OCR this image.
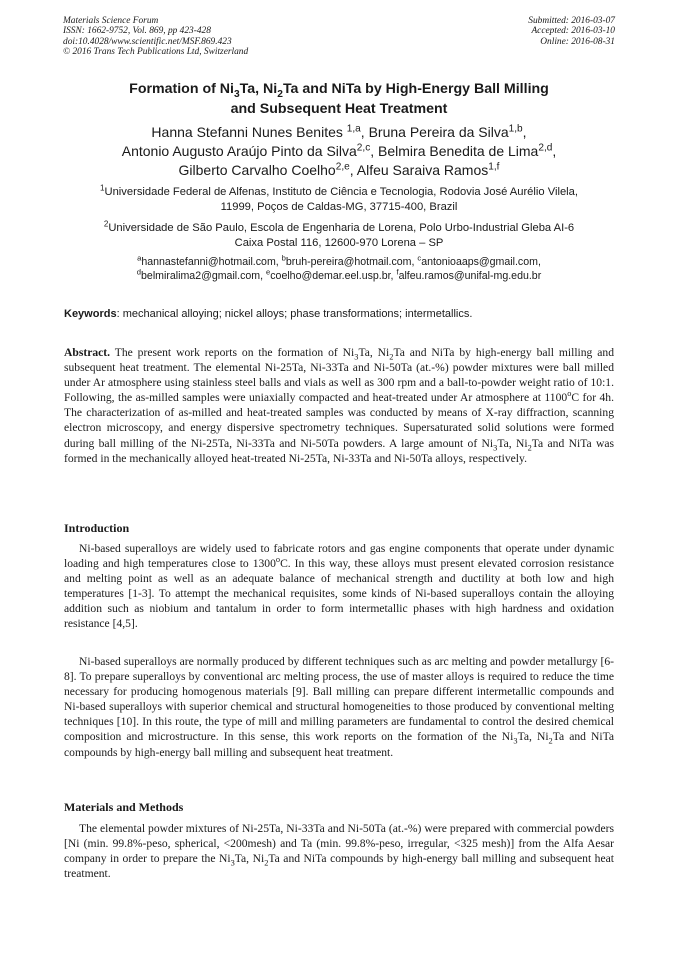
Materials Science Forum
ISSN: 1662-9752, Vol. 869, pp 423-428
doi:10.4028/www.scientific.net/MSF.869.423
© 2016 Trans Tech Publications Ltd, Switzerland
Submitted: 2016-03-07
Accepted: 2016-03-10
Online: 2016-08-31
Formation of $Ni_3Ta$, $Ni_2Ta$ and NiTa by High-Energy Ball Milling
and Subsequent Heat Treatment
Hanna Stefanni Nunes Benites $^{1,a}$, Bruna Pereira da Silva$^{1,b}$,
Antonio Augusto Araújo Pinto da Silva$^{2,c}$, Belmira Benedita de Lima$^{2,d}$,
Gilberto Carvalho Coelho$^{2,e}$, Alfeu Saraiva Ramos$^{1,f}$
$^1$Universidade Federal de Alfenas, Instituto de Ciência e Tecnologia, Rodovia José Aurélio Vilela,
11999, Poços de Caldas-MG, 37715-400, Brazil
$^2$Universidade de São Paulo, Escola de Engenharia de Lorena, Polo Urbo-Industrial Gleba AI-6
Caixa Postal 116, 12600-970 Lorena – SP
$^a$hannastefanni@hotmail.com, $^b$bruh-pereira@hotmail.com, $^c$antonioaaps@gmail.com,
$^d$belmiralima2@gmail.com, $^e$coelho@demar.eel.usp.br, $^f$alfeu.ramos@unifal-mg.edu.br
Keywords: mechanical alloying; nickel alloys; phase transformations; intermetallics.
Abstract. The present work reports on the formation of $Ni_3Ta$, $Ni_2Ta$ and NiTa by high-energy ball milling and subsequent heat treatment. The elemental Ni-25Ta, Ni-33Ta and Ni-50Ta (at.-%) powder mixtures were ball milled under Ar atmosphere using stainless steel balls and vials as well as 300 rpm and a ball-to-powder weight ratio of 10:1. Following, the as-milled samples were uniaxially compacted and heat-treated under Ar atmosphere at 1100$^o$C for 4h. The characterization of as-milled and heat-treated samples was conducted by means of X-ray diffraction, scanning electron microscopy, and energy dispersive spectrometry techniques. Supersaturated solid solutions were formed during ball milling of the Ni-25Ta, Ni-33Ta and Ni-50Ta powders. A large amount of $Ni_3Ta$, $Ni_2Ta$ and NiTa was formed in the mechanically alloyed heat-treated Ni-25Ta, Ni-33Ta and Ni-50Ta alloys, respectively.
Introduction
Ni-based superalloys are widely used to fabricate rotors and gas engine components that operate under dynamic loading and high temperatures close to 1300$^o$C. In this way, these alloys must present elevated corrosion resistance and melting point as well as an adequate balance of mechanical strength and ductility at both low and high temperatures [1-3]. To attempt the mechanical requisites, some kinds of Ni-based superalloys contain the alloying addition such as niobium and tantalum in order to form intermetallic phases with high hardness and oxidation resistance [4,5].
Ni-based superalloys are normally produced by different techniques such as arc melting and powder metallurgy [6-8]. To prepare superalloys by conventional arc melting process, the use of master alloys is required to reduce the time necessary for producing homogenous materials [9]. Ball milling can prepare different intermetallic compounds and Ni-based superalloys with superior chemical and structural homogeneities to those produced by conventional melting techniques [10]. In this route, the type of mill and milling parameters are fundamental to control the desired chemical composition and microstructure. In this sense, this work reports on the formation of the $Ni_3Ta$, $Ni_2Ta$ and NiTa compounds by high-energy ball milling and subsequent heat treatment.
Materials and Methods
The elemental powder mixtures of Ni-25Ta, Ni-33Ta and Ni-50Ta (at.-%) were prepared with commercial powders [Ni (min. 99.8%-peso, spherical, <200mesh) and Ta (min. 99.8%-peso, irregular, <325 mesh)] from the Alfa Aesar company in order to prepare the $Ni_3Ta$, $Ni_2Ta$ and NiTa compounds by high-energy ball milling and subsequent heat treatment.
